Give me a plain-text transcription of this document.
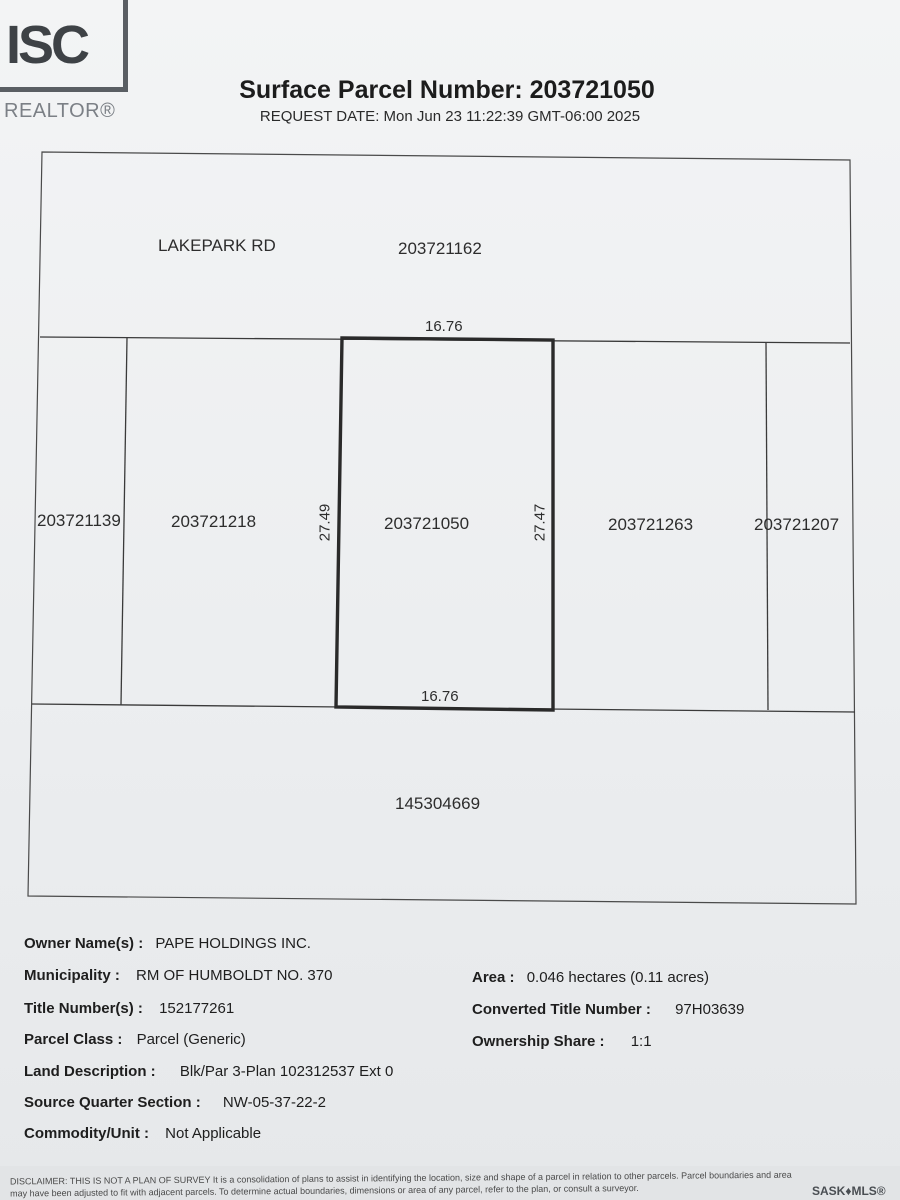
ISC
REALTOR®
Surface Parcel Number: 203721050
REQUEST DATE: Mon Jun 23 11:22:39 GMT-06:00 2025
LAKEPARK RD	203721162
203721139	203721218	203721050	203721263	203721207
145304669
16.76
16.76
27.49	27.47
Owner Name(s) : PAPE HOLDINGS INC.
Municipality : RM OF HUMBOLDT NO. 370
Title Number(s) : 152177261
Parcel Class : Parcel (Generic)
Land Description : Blk/Par 3-Plan 102312537 Ext 0
Source Quarter Section : NW-05-37-22-2
Commodity/Unit : Not Applicable
Area : 0.046 hectares (0.11 acres)
Converted Title Number : 97H03639
Ownership Share : 1:1
DISCLAIMER: THIS IS NOT A PLAN OF SURVEY It is a consolidation of plans to assist in identifying the location, size and shape of a parcel in relation to other parcels. Parcel boundaries and area may have been adjusted to fit with adjacent parcels. To determine actual boundaries, dimensions or area of any parcel, refer to the plan, or consult a surveyor.	SASK♦MLS®
